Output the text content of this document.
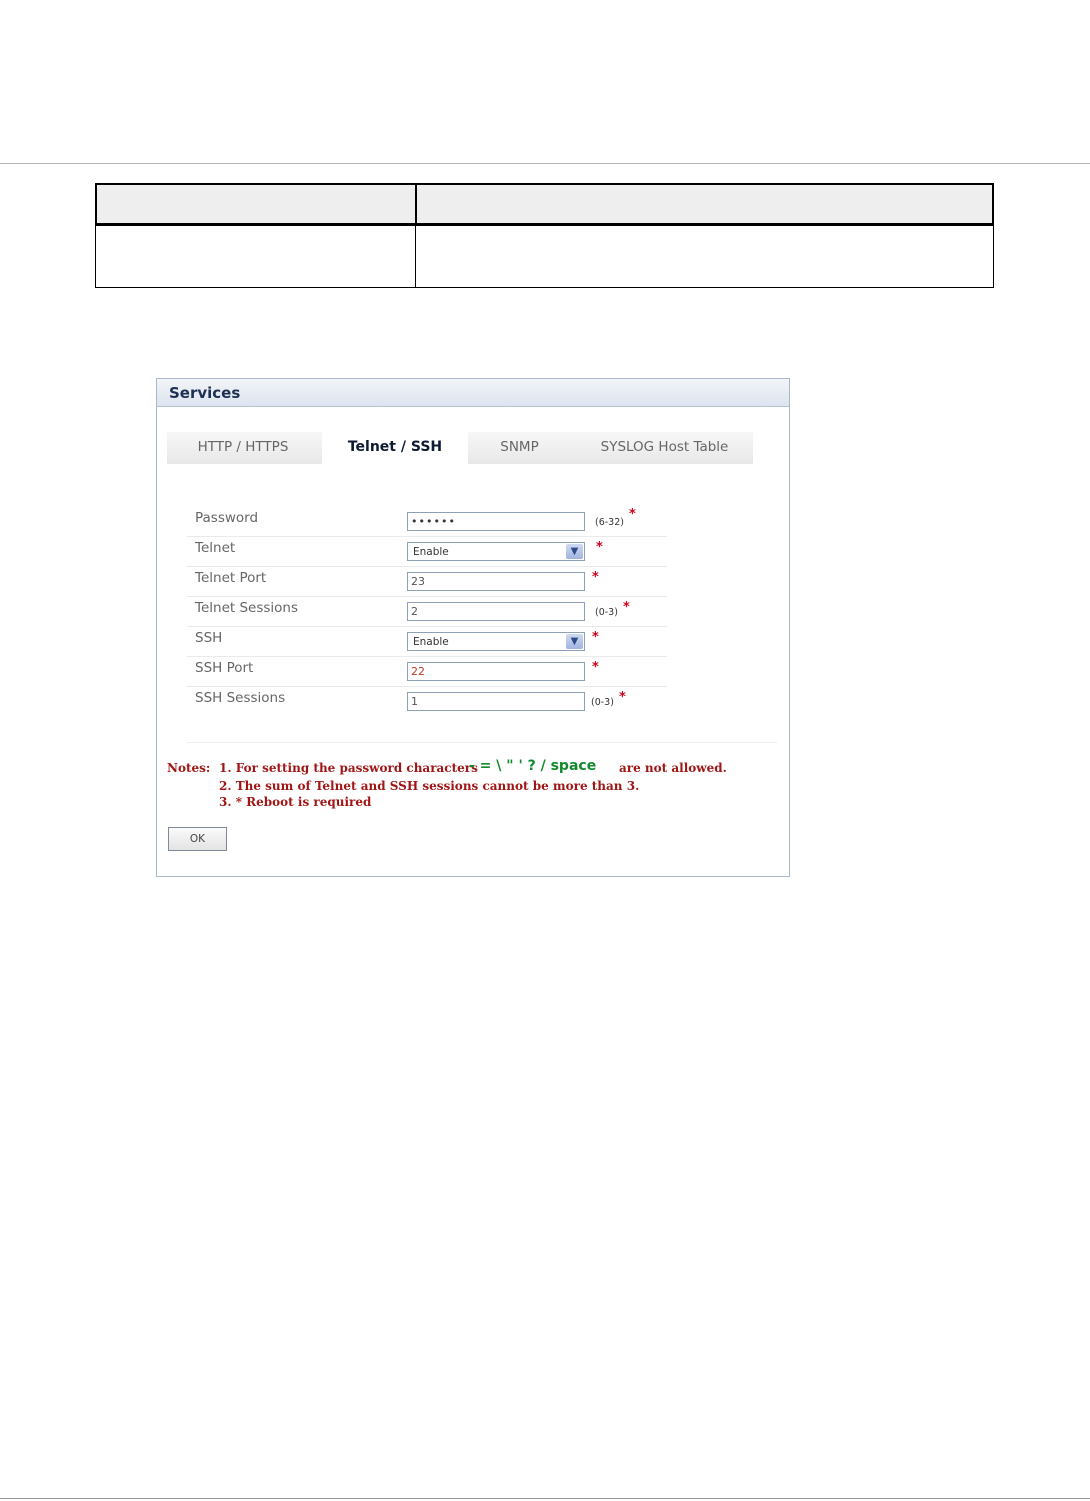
Services
HTTP / HTTPS	Telnet / SSH	SNMP	SYSLOG Host Table
Password	••••••	(6-32)
*
Telnet	Enable	▼	*
Telnet Port	23	*
Telnet Sessions	2	(0-3) *
SSH	Enable	▼	*
SSH Port	22	*
SSH Sessions	1	(0-3) *
Notes: 1. For setting the password characters
- = \ " ' ? / space are not allowed.
2. The sum of Telnet and SSH sessions cannot be more than 3.
3. * Reboot is required
OK
